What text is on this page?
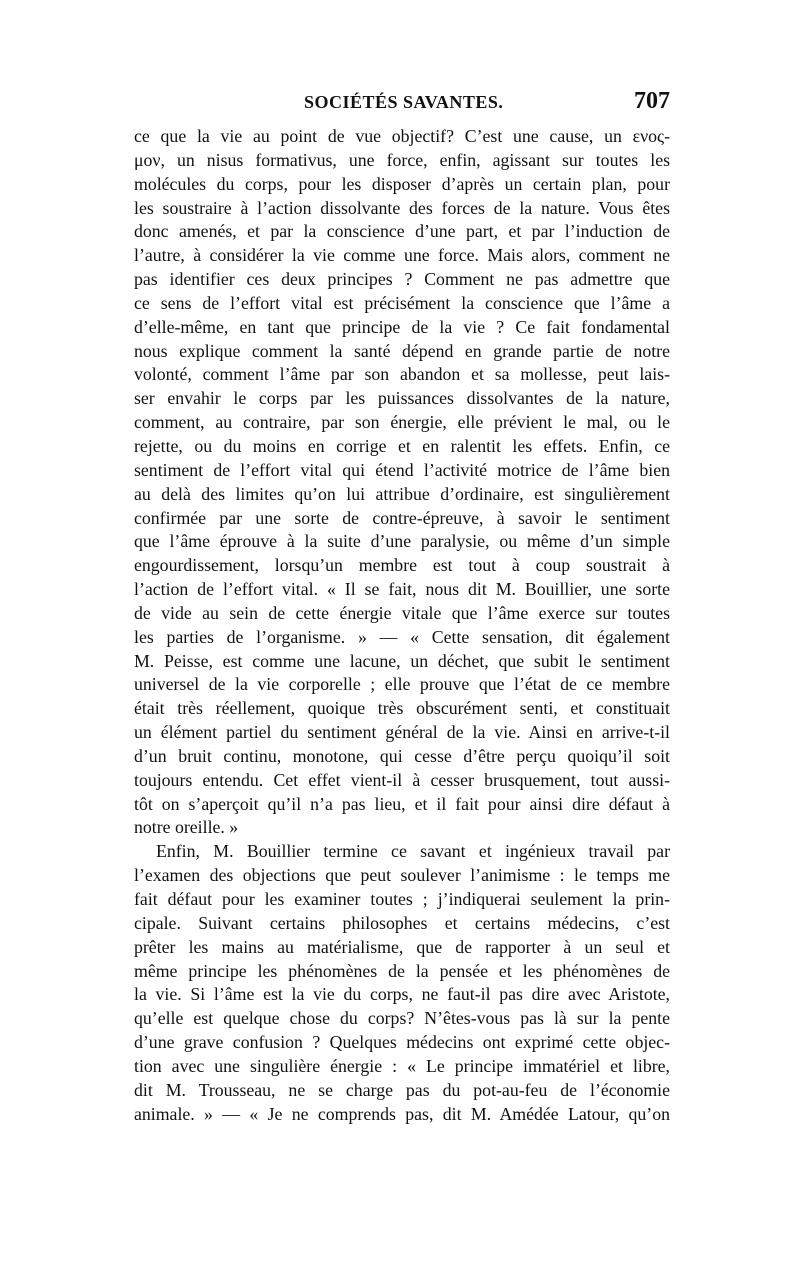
SOCIÉTÉS SAVANTES.	707
ce que la vie au point de vue objectif? C’est une cause, un ενος-
μον, un nisus formativus, une force, enfin, agissant sur toutes les
molécules du corps, pour les disposer d’après un certain plan, pour
les soustraire à l’action dissolvante des forces de la nature. Vous êtes
donc amenés, et par la conscience d’une part, et par l’induction de
l’autre, à considérer la vie comme une force. Mais alors, comment ne
pas identifier ces deux principes ? Comment ne pas admettre que
ce sens de l’effort vital est précisément la conscience que l’âme a
d’elle-même, en tant que principe de la vie ? Ce fait fondamental
nous explique comment la santé dépend en grande partie de notre
volonté, comment l’âme par son abandon et sa mollesse, peut lais-
ser envahir le corps par les puissances dissolvantes de la nature,
comment, au contraire, par son énergie, elle prévient le mal, ou le
rejette, ou du moins en corrige et en ralentit les effets. Enfin, ce
sentiment de l’effort vital qui étend l’activité motrice de l’âme bien
au delà des limites qu’on lui attribue d’ordinaire, est singulièrement
confirmée par une sorte de contre-épreuve, à savoir le sentiment
que l’âme éprouve à la suite d’une paralysie, ou même d’un simple
engourdissement, lorsqu’un membre est tout à coup soustrait à
l’action de l’effort vital. « Il se fait, nous dit M. Bouillier, une sorte
de vide au sein de cette énergie vitale que l’âme exerce sur toutes
les parties de l’organisme. » — « Cette sensation, dit également
M. Peisse, est comme une lacune, un déchet, que subit le sentiment
universel de la vie corporelle ; elle prouve que l’état de ce membre
était très réellement, quoique très obscurément senti, et constituait
un élément partiel du sentiment général de la vie. Ainsi en arrive-t-il
d’un bruit continu, monotone, qui cesse d’être perçu quoiqu’il soit
toujours entendu. Cet effet vient-il à cesser brusquement, tout aussi-
tôt on s’aperçoit qu’il n’a pas lieu, et il fait pour ainsi dire défaut à
notre oreille. »
Enfin, M. Bouillier termine ce savant et ingénieux travail par
l’examen des objections que peut soulever l’animisme : le temps me
fait défaut pour les examiner toutes ; j’indiquerai seulement la prin-
cipale. Suivant certains philosophes et certains médecins, c’est
prêter les mains au matérialisme, que de rapporter à un seul et
même principe les phénomènes de la pensée et les phénomènes de
la vie. Si l’âme est la vie du corps, ne faut-il pas dire avec Aristote,
qu’elle est quelque chose du corps? N’êtes-vous pas là sur la pente
d’une grave confusion ? Quelques médecins ont exprimé cette objec-
tion avec une singulière énergie : « Le principe immatériel et libre,
dit M. Trousseau, ne se charge pas du pot-au-feu de l’économie
animale. » — « Je ne comprends pas, dit M. Amédée Latour, qu’on
